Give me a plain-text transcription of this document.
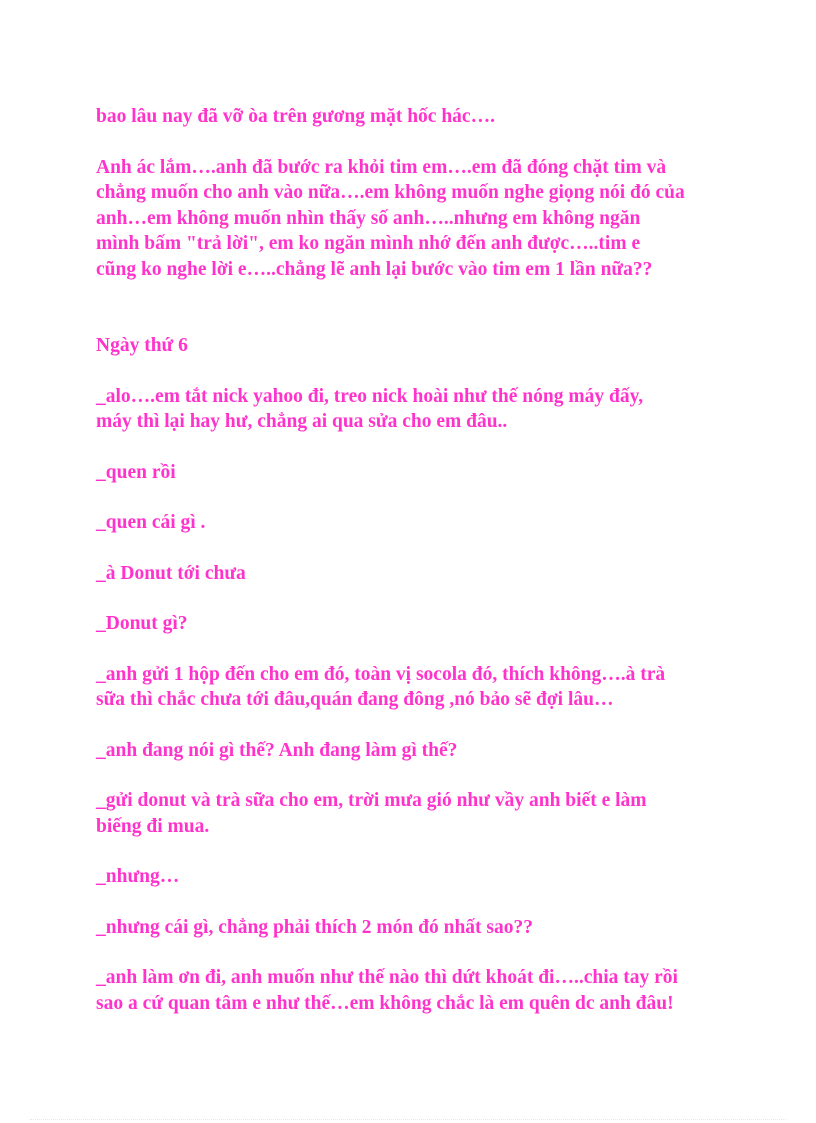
bao lâu nay đã vỡ òa trên gương mặt hốc hác….

Anh ác lắm….anh đã bước ra khỏi tim em….em đã đóng chặt tim và
chẳng muốn cho anh vào nữa….em không muốn nghe giọng nói đó của
anh…em không muốn nhìn thấy số anh…..nhưng em không ngăn
mình bấm "trả lời", em ko ngăn mình nhớ đến anh được…..tim e
cũng ko nghe lời e…..chẳng lẽ anh lại bước vào tim em 1 lần nữa??

Ngày thứ 6

_alo….em tắt nick yahoo đi, treo nick hoài như thế nóng máy đấy,
máy thì lại hay hư, chẳng ai qua sửa cho em đâu..

_quen rồi

_quen cái gì .

_à Donut tới chưa

_Donut gì?

_anh gửi 1 hộp đến cho em đó, toàn vị socola đó, thích không….à trà
sữa thì chắc chưa tới đâu,quán đang đông ,nó bảo sẽ đợi lâu…

_anh đang nói gì thế? Anh đang làm gì thế?

_gửi donut và trà sữa cho em, trời mưa gió như vầy anh biết e làm
biếng đi mua.

_nhưng…

_nhưng cái gì, chẳng phải thích 2 món đó nhất sao??

_anh làm ơn đi, anh muốn như thế nào thì dứt khoát đi…..chia tay rồi
sao a cứ quan tâm e như thế…em không chắc là em quên dc anh đâu!
